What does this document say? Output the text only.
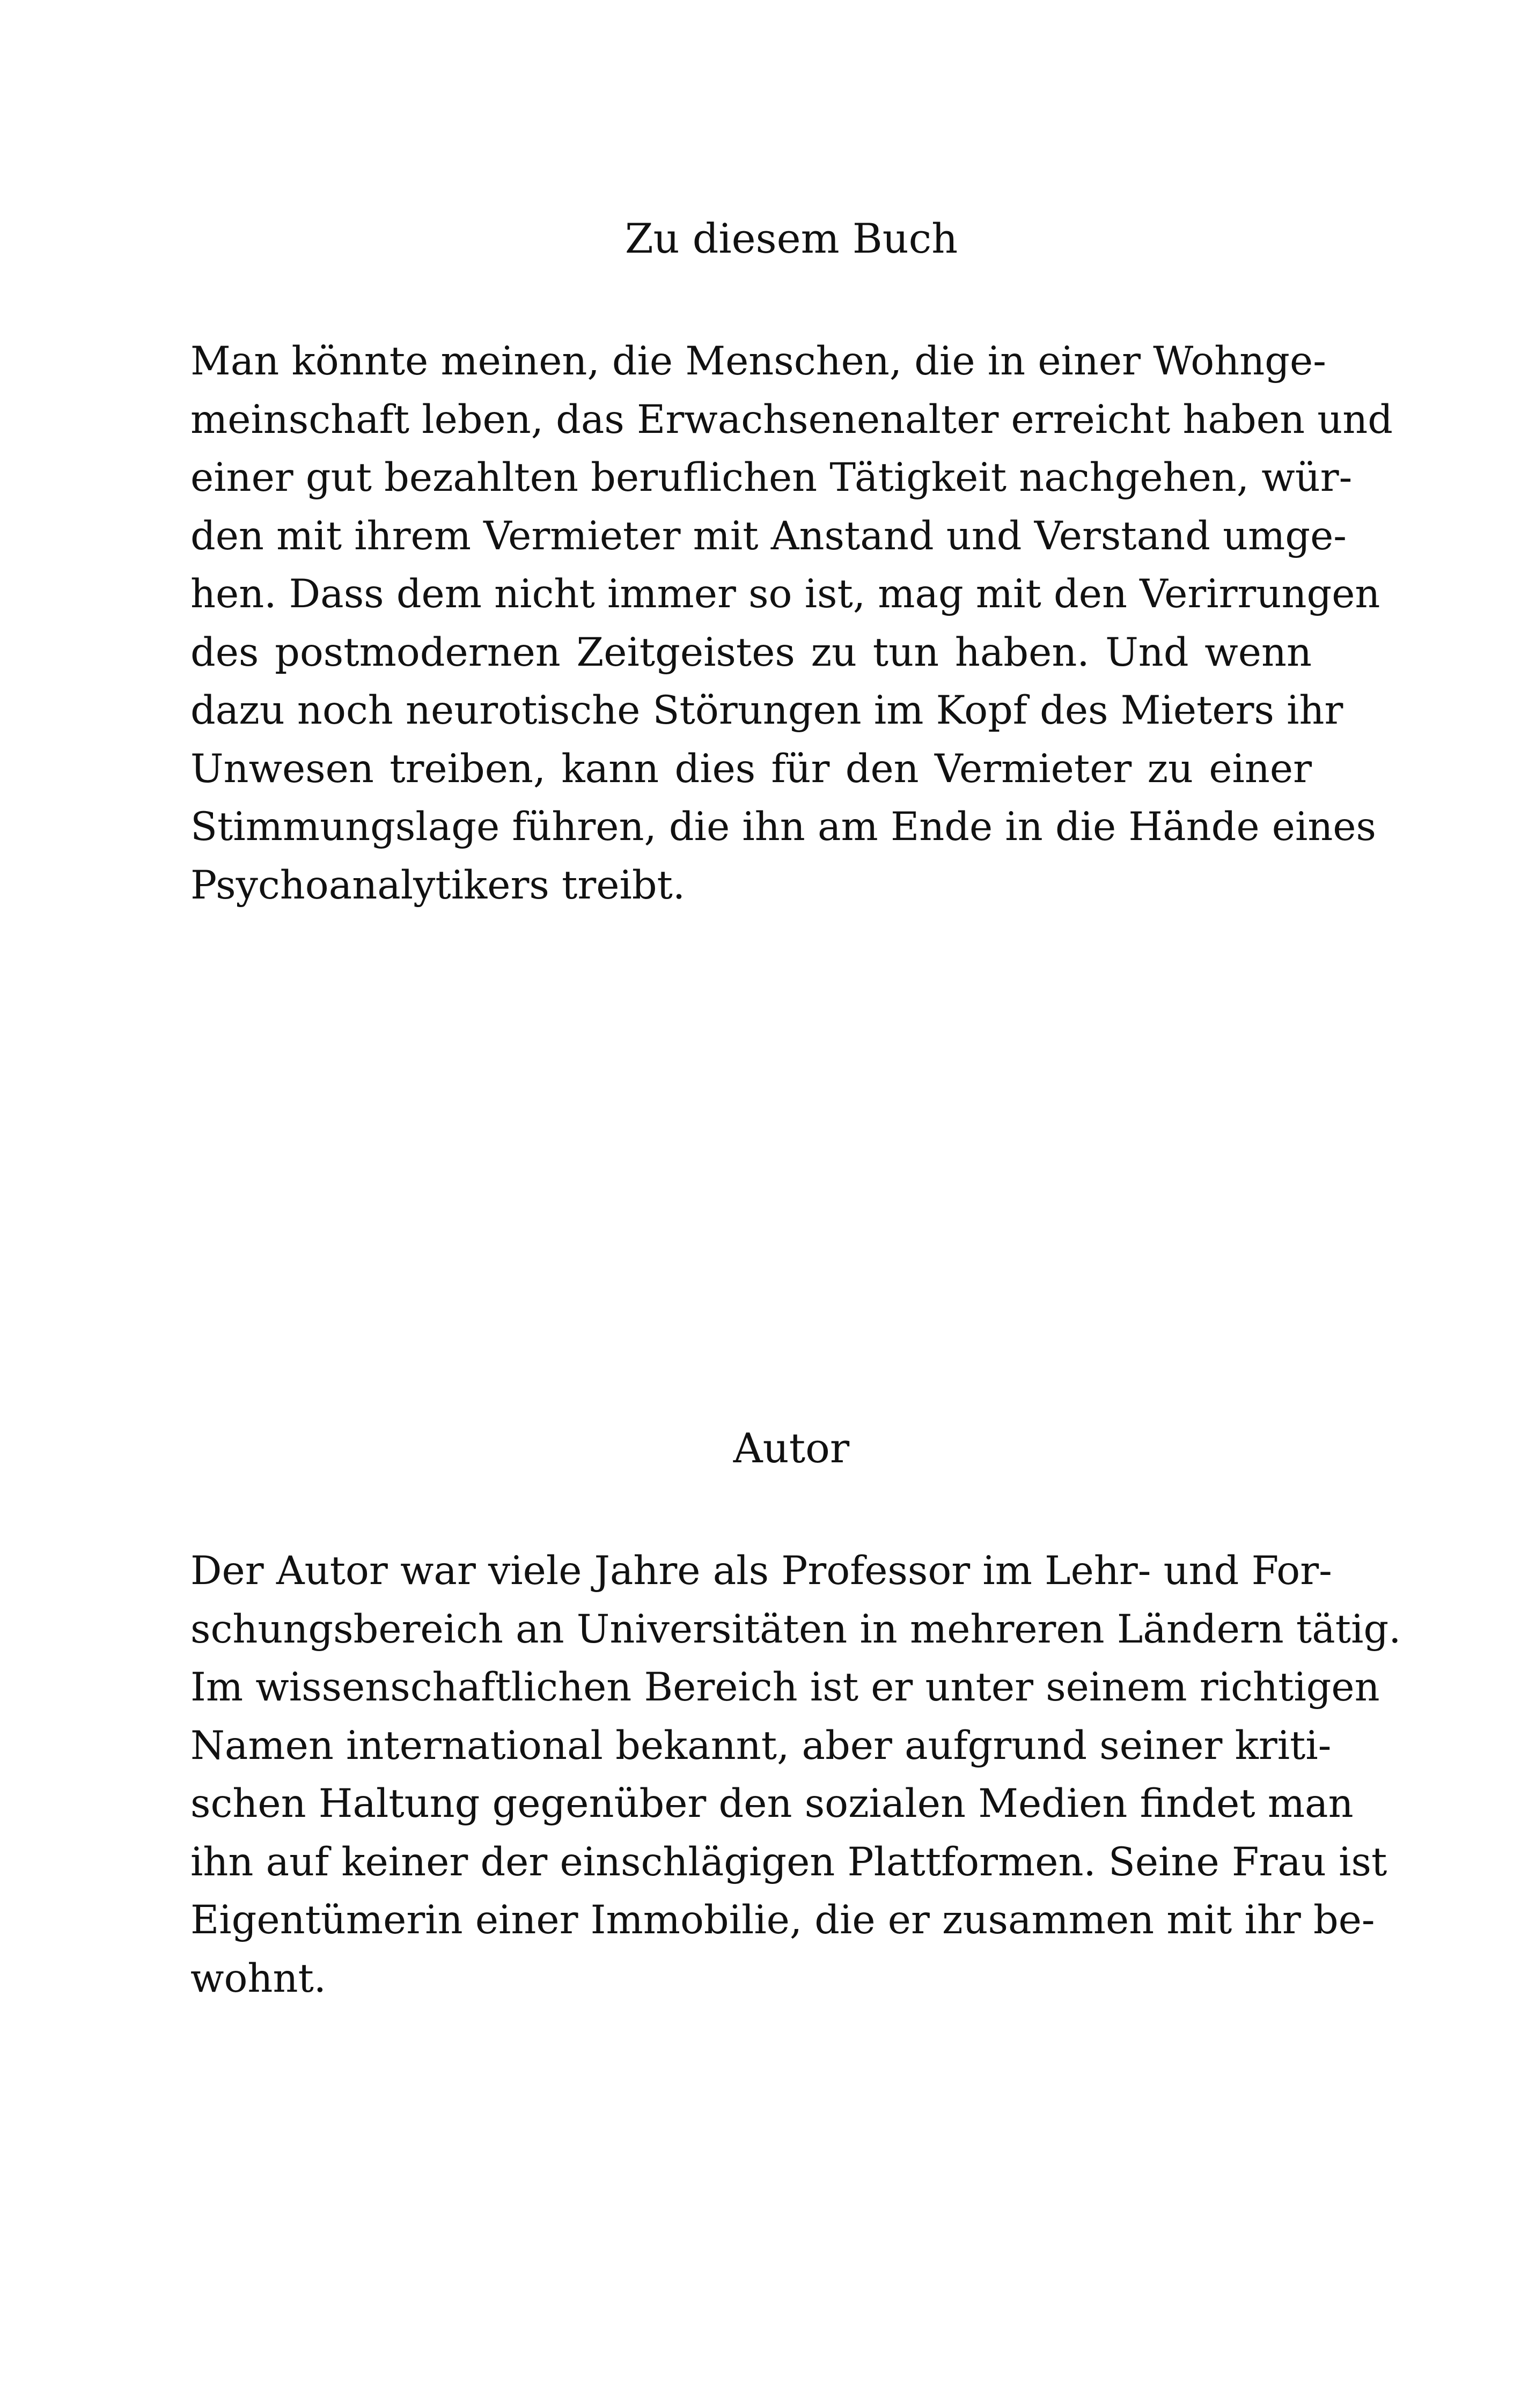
Zu diesem Buch
Man könnte meinen, die Menschen, die in einer Wohnge-
meinschaft leben, das Erwachsenenalter erreicht haben und
einer gut bezahlten beruflichen Tätigkeit nachgehen, wür-
den mit ihrem Vermieter mit Anstand und Verstand umge-
hen. Dass dem nicht immer so ist, mag mit den Verirrungen
des postmodernen Zeitgeistes zu tun haben. Und wenn
dazu noch neurotische Störungen im Kopf des Mieters ihr
Unwesen treiben, kann dies für den Vermieter zu einer
Stimmungslage führen, die ihn am Ende in die Hände eines
Psychoanalytikers treibt.
Autor
Der Autor war viele Jahre als Professor im Lehr- und For-
schungsbereich an Universitäten in mehreren Ländern tätig.
Im wissenschaftlichen Bereich ist er unter seinem richtigen
Namen international bekannt, aber aufgrund seiner kriti-
schen Haltung gegenüber den sozialen Medien findet man
ihn auf keiner der einschlägigen Plattformen. Seine Frau ist
Eigentümerin einer Immobilie, die er zusammen mit ihr be-
wohnt.
